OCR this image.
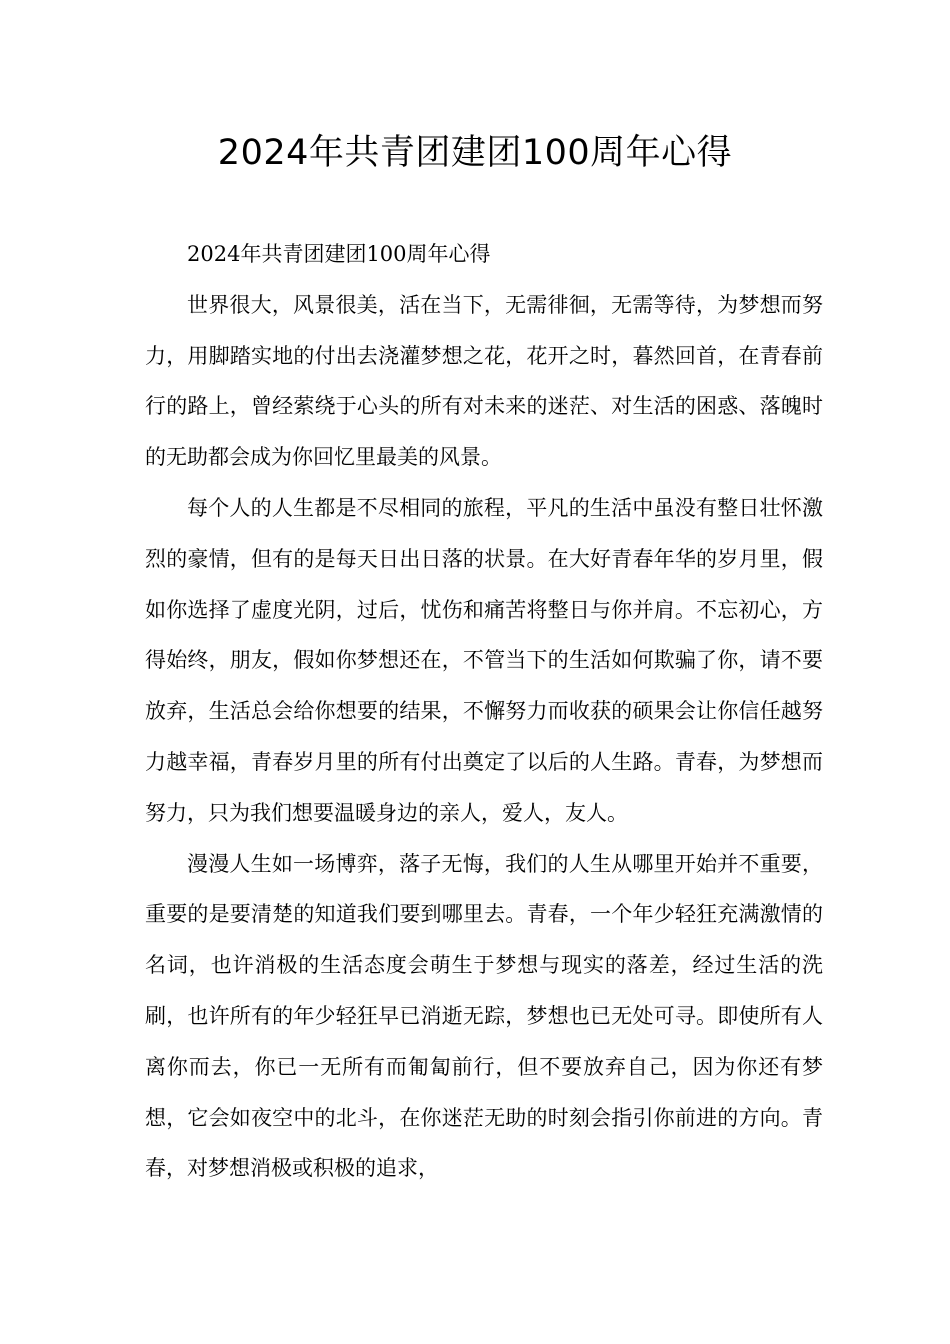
2024年共青团建团100周年心得

2024年共青团建团100周年心得

世界很大，风景很美，活在当下，无需徘徊，无需等待，为梦想而努力，用脚踏实地的付出去浇灌梦想之花，花开之时，暮然回首，在青春前行的路上，曾经萦绕于心头的所有对未来的迷茫、对生活的困惑、落魄时的无助都会成为你回忆里最美的风景。

每个人的人生都是不尽相同的旅程，平凡的生活中虽没有整日壮怀激烈的豪情，但有的是每天日出日落的状景。在大好青春年华的岁月里，假如你选择了虚度光阴，过后，忧伤和痛苦将整日与你并肩。不忘初心，方得始终，朋友，假如你梦想还在，不管当下的生活如何欺骗了你，请不要放弃，生活总会给你想要的结果，不懈努力而收获的硕果会让你信任越努力越幸福，青春岁月里的所有付出奠定了以后的人生路。青春，为梦想而努力，只为我们想要温暖身边的亲人，爱人，友人。

漫漫人生如一场博弈，落子无悔，我们的人生从哪里开始并不重要，重要的是要清楚的知道我们要到哪里去。青春，一个年少轻狂充满激情的名词，也许消极的生活态度会萌生于梦想与现实的落差，经过生活的洗刷，也许所有的年少轻狂早已消逝无踪，梦想也已无处可寻。即使所有人离你而去，你已一无所有而匍匐前行，但不要放弃自己，因为你还有梦想，它会如夜空中的北斗，在你迷茫无助的时刻会指引你前进的方向。青春，对梦想消极或积极的追求，
